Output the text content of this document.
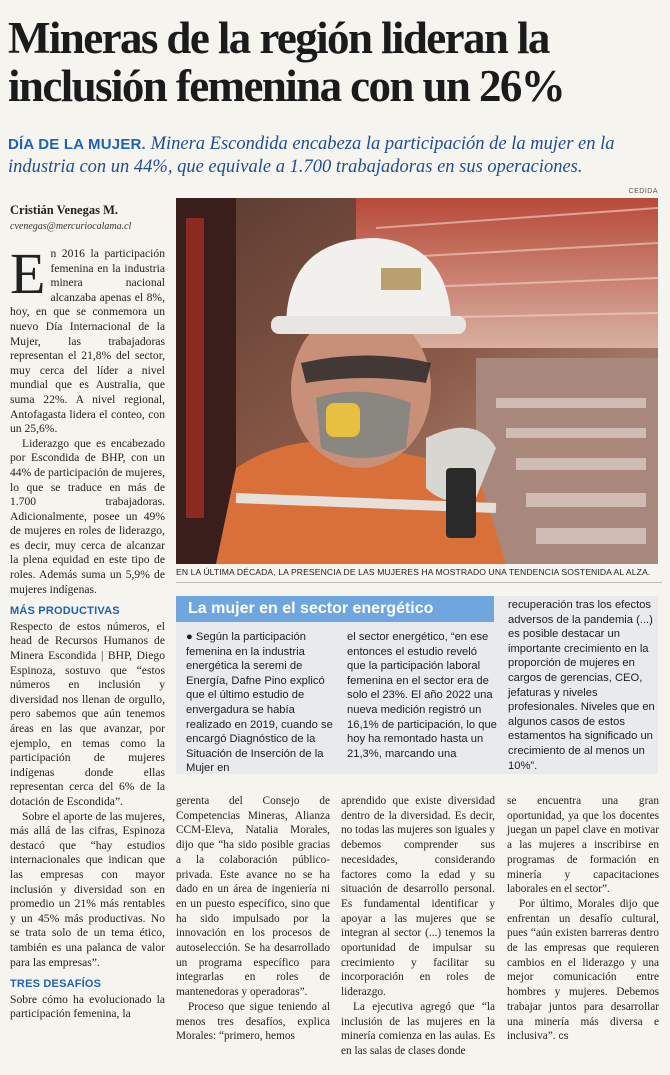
Mineras de la región lideran la inclusión femenina con un 26%

DÍA DE LA MUJER. Minera Escondida encabeza la participación de la mujer en la industria con un 44%, que equivale a 1.700 trabajadoras en sus operaciones.

CEDIDA
Cristián Venegas M.
cvenegas@mercuriocalama.cl

En 2016 la participación femenina en la industria minera nacional alcanzaba apenas el 8%, hoy, en que se conmemora un nuevo Día Internacional de la Mujer, las trabajadoras representan el 21,8% del sector, muy cerca del líder a nivel mundial que es Australia, que suma 22%. A nivel regional, Antofagasta lidera el conteo, con un 25,6%.

Liderazgo que es encabezado por Escondida de BHP, con un 44% de participación de mujeres, lo que se traduce en más de 1.700 trabajadoras. Adicionalmente, posee un 49% de mujeres en roles de liderazgo, es decir, muy cerca de alcanzar la plena equidad en este tipo de roles. Además suma un 5,9% de mujeres indígenas.

MÁS PRODUCTIVAS

Respecto de estos números, el head de Recursos Humanos de Minera Escondida | BHP, Diego Espinoza, sostuvo que “estos números en inclusión y diversidad nos llenan de orgullo, pero sabemos que aún tenemos áreas en las que avanzar, por ejemplo, en temas como la participación de mujeres indígenas donde ellas representan cerca del 6% de la dotación de Escondida”.

Sobre el aporte de las mujeres, más allá de las cifras, Espinoza destacó que “hay estudios internacionales que indican que las empresas con mayor inclusión y diversidad son en promedio un 21% más rentables y un 45% más productivas. No se trata solo de un tema ético, también es una palanca de valor para las empresas”.

TRES DESAFÍOS

Sobre cómo ha evolucionado la participación femenina, la

EN LA ÚLTIMA DÉCADA, LA PRESENCIA DE LAS MUJERES HA MOSTRADO UNA TENDENCIA SOSTENIDA AL ALZA.
La mujer en el sector energético

● Según la participación femenina en la industria energética la seremi de Energía, Dafne Pino explicó que el último estudio de envergadura se había realizado en 2019, cuando se encargó Diagnóstico de la Situación de Inserción de la Mujer en

el sector energético, “en ese entonces el estudio reveló que la participación laboral femenina en el sector era de solo el 23%. El año 2022 una nueva medición registró un 16,1% de participación, lo que hoy ha remontado hasta un 21,3%, marcando una

recuperación tras los efectos adversos de la pandemia (...) es posible destacar un importante crecimiento en la proporción de mujeres en cargos de gerencias, CEO, jefaturas y niveles profesionales. Niveles que en algunos casos de estos estamentos ha significado un crecimiento de al menos un 10%”.

gerenta del Consejo de Competencias Mineras, Alianza CCM-Eleva, Natalia Morales, dijo que “ha sido posible gracias a la colaboración público-privada. Este avance no se ha dado en un área de ingeniería ni en un puesto específico, sino que ha sido impulsado por la innovación en los procesos de autoselección. Se ha desarrollado un programa específico para integrarlas en roles de mantenedoras y operadoras”.

Proceso que sigue teniendo al menos tres desafíos, explica Morales: “primero, hemos

aprendido que existe diversidad dentro de la diversidad. Es decir, no todas las mujeres son iguales y debemos comprender sus necesidades, considerando factores como la edad y su situación de desarrollo personal. Es fundamental identificar y apoyar a las mujeres que se integran al sector (...) tenemos la oportunidad de impulsar su crecimiento y facilitar su incorporación en roles de liderazgo.

La ejecutiva agregó que “la inclusión de las mujeres en la minería comienza en las aulas. Es en las salas de clases donde

se encuentra una gran oportunidad, ya que los docentes juegan un papel clave en motivar a las mujeres a inscribirse en programas de formación en minería y capacitaciones laborales en el sector”.

Por último, Morales dijo que enfrentan un desafío cultural, pues “aún existen barreras dentro de las empresas que requieren cambios en el liderazgo y una mejor comunicación entre hombres y mujeres. Debemos trabajar juntos para desarrollar una minería más diversa e inclusiva”. cs
